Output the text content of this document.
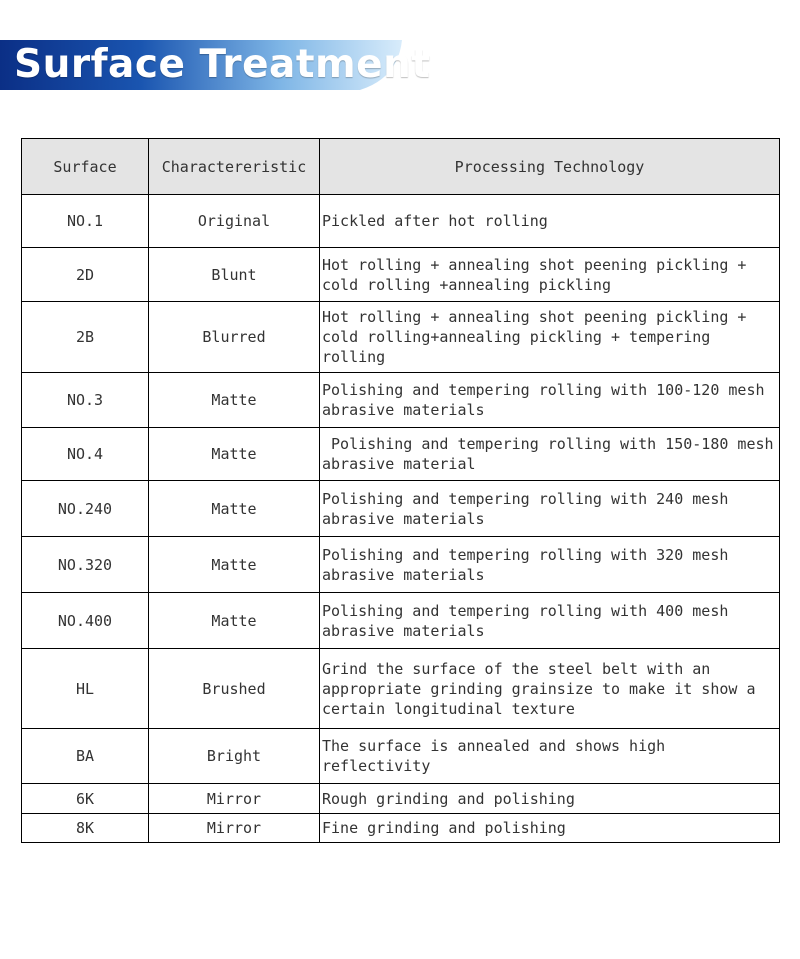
Surface Treatment
Surface	Charactereristic	Processing Technology
NO.1	Original	Pickled after hot rolling
2D	Blunt	Hot rolling + annealing shot peening pickling + cold rolling +annealing pickling
2B	Blurred	Hot rolling + annealing shot peening pickling + cold rolling+annealing pickling + tempering rolling
NO.3	Matte	Polishing and tempering rolling with 100-120 mesh abrasive materials
NO.4	Matte	Polishing and tempering rolling with 150-180 mesh abrasive material
NO.240	Matte	Polishing and tempering rolling with 240 mesh abrasive materials
NO.320	Matte	Polishing and tempering rolling with 320 mesh abrasive materials
NO.400	Matte	Polishing and tempering rolling with 400 mesh abrasive materials
HL	Brushed	Grind the surface of the steel belt with an appropriate grinding grainsize to make it show a certain longitudinal texture
BA	Bright	The surface is annealed and shows high reflectivity
6K	Mirror	Rough grinding and polishing
8K	Mirror	Fine grinding and polishing
